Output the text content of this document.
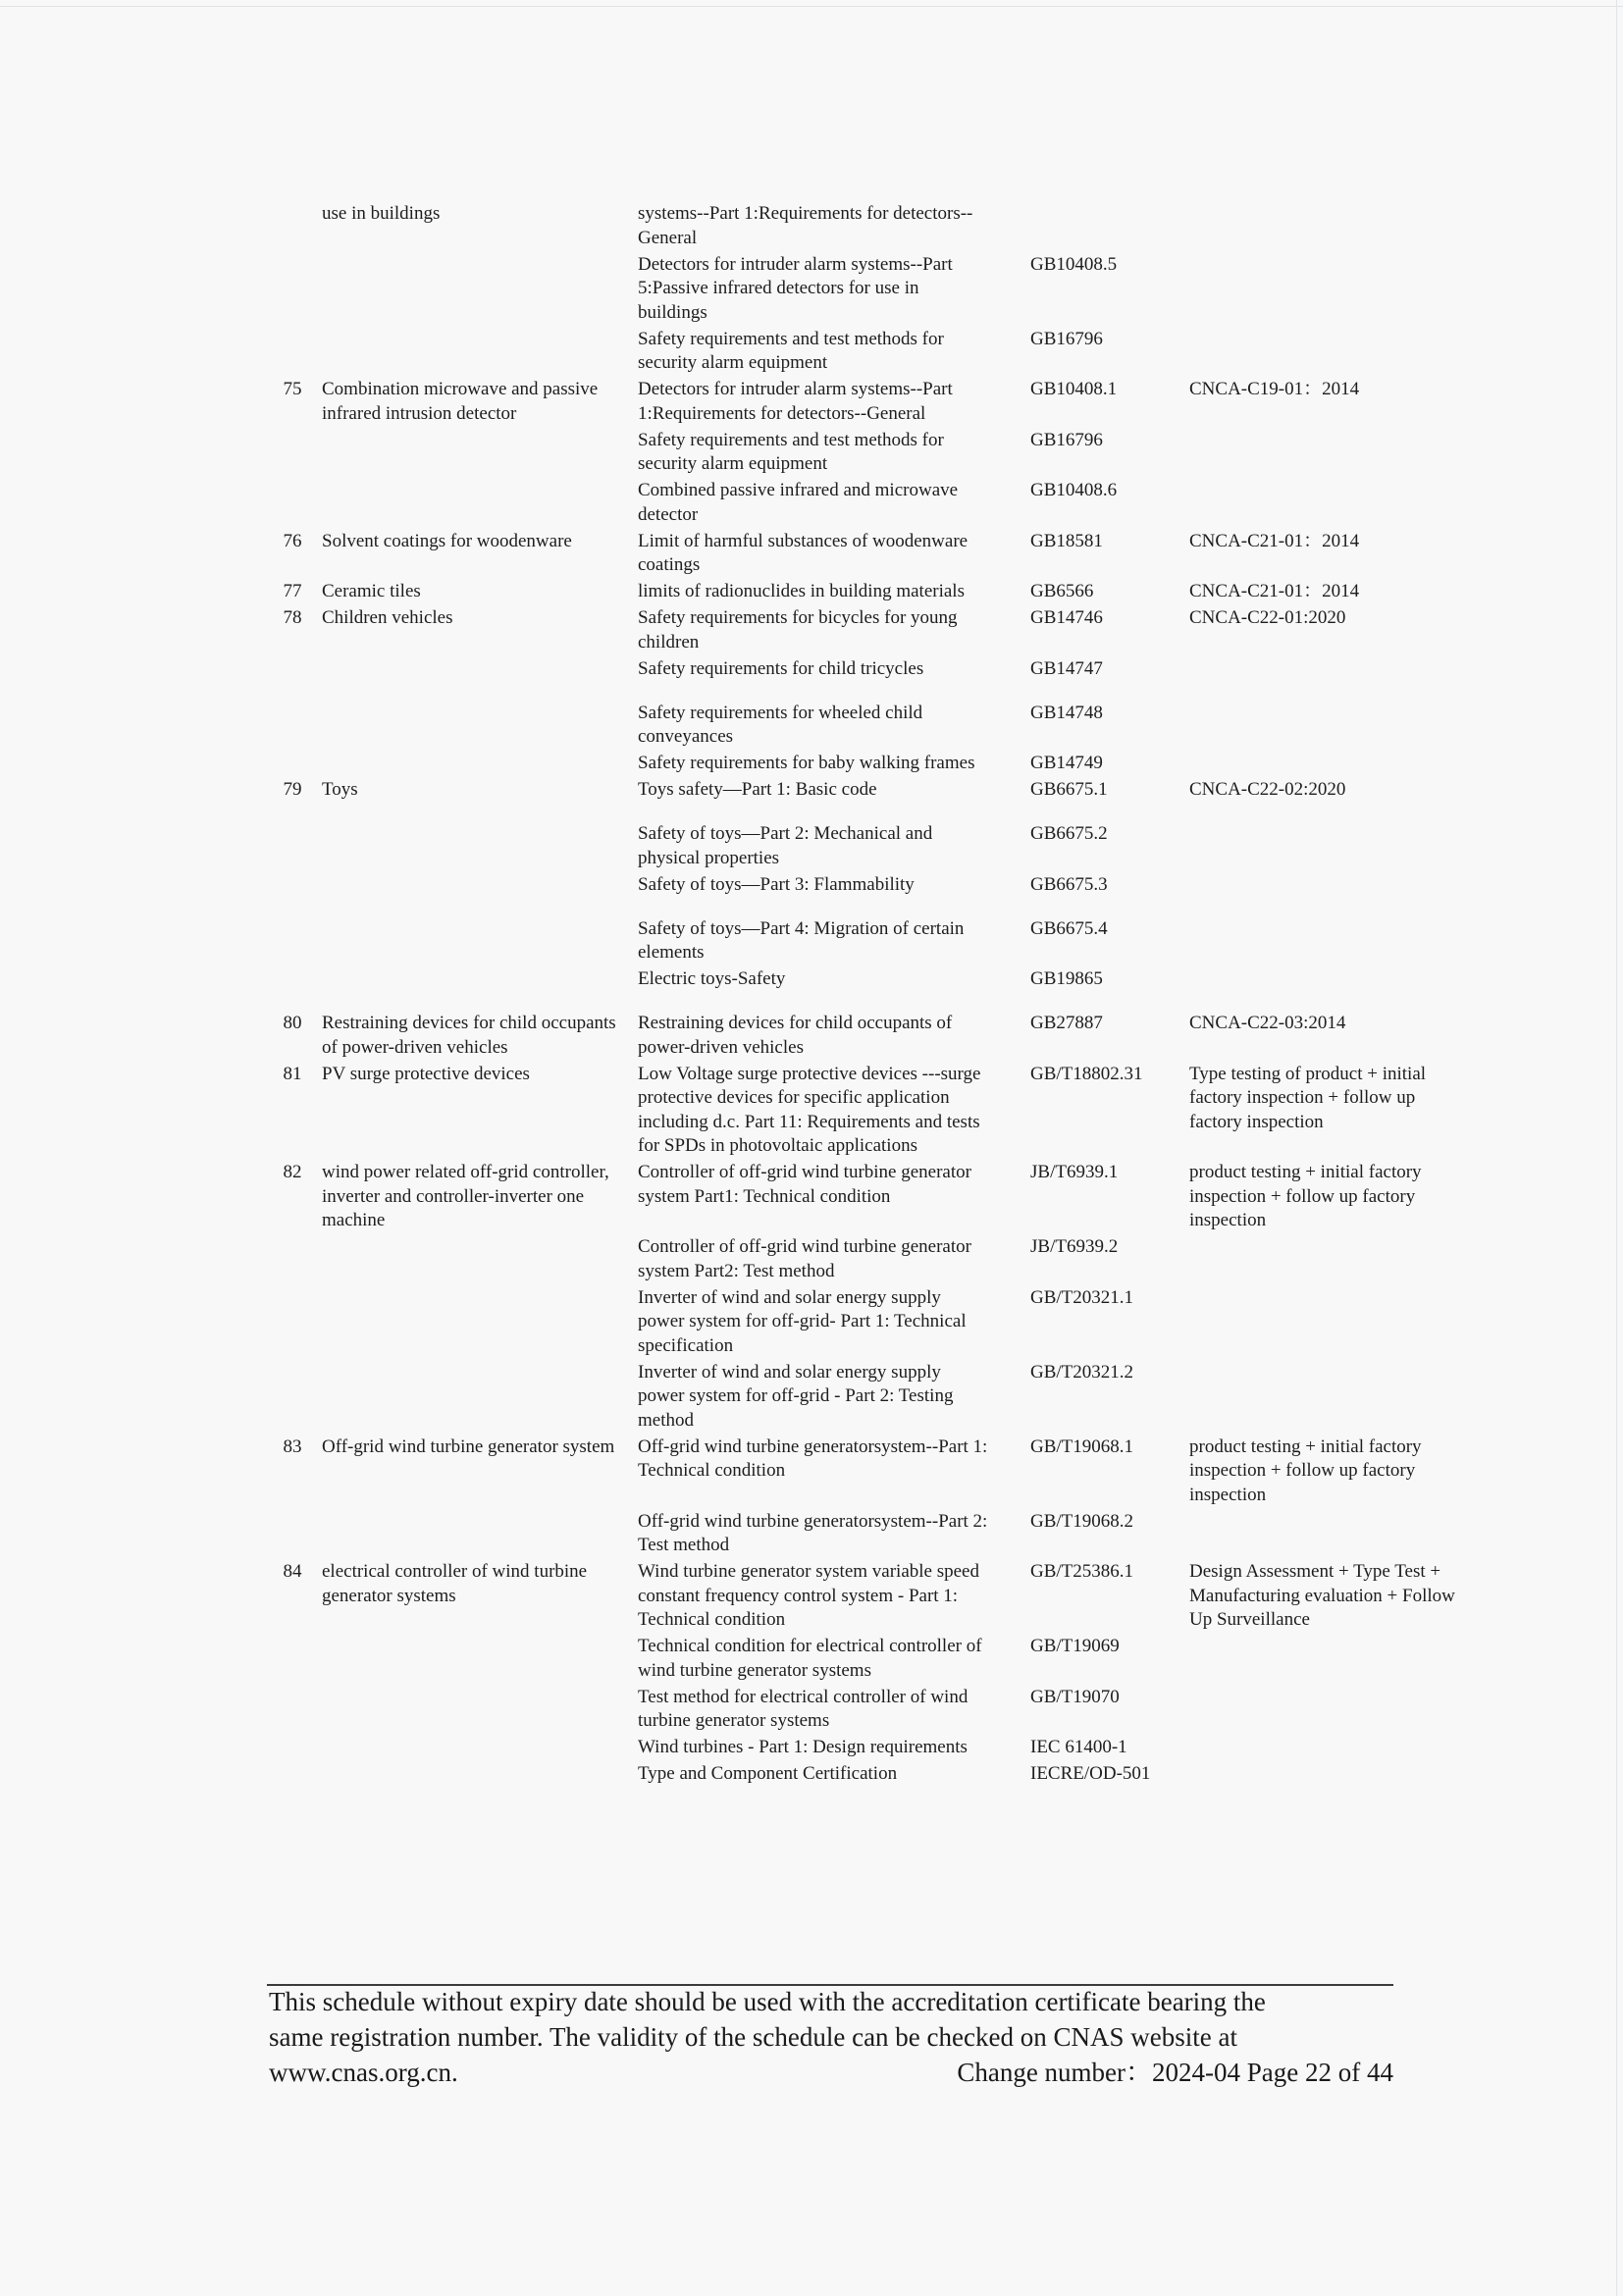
	use in buildings	systems--Part 1:Requirements for detectors--General		

		Detectors for intruder alarm systems--Part 5:Passive infrared detectors for use in buildings	GB10408.5	

		Safety requirements and test methods for security alarm equipment	GB16796	

75	Combination microwave and passive infrared intrusion detector	Detectors for intruder alarm systems--Part 1:Requirements for detectors--General	GB10408.1	CNCA-C19-01：2014

		Safety requirements and test methods for security alarm equipment	GB16796	

		Combined passive infrared and microwave detector	GB10408.6	

76	Solvent coatings for woodenware	Limit of harmful substances of woodenware coatings	GB18581	CNCA-C21-01：2014

77	Ceramic tiles	limits of radionuclides in building materials	GB6566	CNCA-C21-01：2014

78	Children vehicles	Safety requirements for bicycles for young children	GB14746	CNCA-C22-01:2020

		Safety requirements for child tricycles	GB14747	

		Safety requirements for wheeled child conveyances	GB14748	

		Safety requirements for baby walking frames	GB14749	

79	Toys	Toys safety—Part 1: Basic code	GB6675.1	CNCA-C22-02:2020

		Safety of toys—Part 2: Mechanical and physical properties	GB6675.2	

		Safety of toys—Part 3: Flammability	GB6675.3	

		Safety of toys—Part 4: Migration of certain elements	GB6675.4	

		Electric toys-Safety	GB19865	

80	Restraining devices for child occupants of power-driven vehicles	Restraining devices for child occupants of power-driven vehicles	GB27887	CNCA-C22-03:2014

81	PV surge protective devices	Low Voltage surge protective devices ---surge protective devices for specific application including d.c. Part 11: Requirements and tests for SPDs in photovoltaic applications	GB/T18802.31	Type testing of product + initial factory inspection + follow up factory inspection

82	wind power related off-grid controller, inverter and controller-inverter one machine	Controller of off-grid wind turbine generator system Part1: Technical condition	JB/T6939.1	product testing + initial factory inspection + follow up factory inspection

		Controller of off-grid wind turbine generator system Part2: Test method	JB/T6939.2	

		Inverter of wind and solar energy supply power system for off-grid- Part 1: Technical specification	GB/T20321.1	

		Inverter of wind and solar energy supply power system for off-grid - Part 2: Testing method	GB/T20321.2	

83	Off-grid wind turbine generator system	Off-grid wind turbine generatorsystem--Part 1: Technical condition	GB/T19068.1	product testing + initial factory inspection + follow up factory inspection

		Off-grid wind turbine generatorsystem--Part 2: Test method	GB/T19068.2	

84	electrical controller of wind turbine generator systems	Wind turbine generator system variable speed constant frequency control system - Part 1: Technical condition	GB/T25386.1	Design Assessment + Type Test + Manufacturing evaluation + Follow Up Surveillance

		Technical condition for electrical controller of wind turbine generator systems	GB/T19069	

		Test method for electrical controller of wind turbine generator systems	GB/T19070	

		Wind turbines - Part 1: Design requirements	IEC 61400-1	

		Type and Component Certification	IECRE/OD-501	

This schedule without expiry date should be used with the accreditation certificate bearing the
same registration number. The validity of the schedule can be checked on CNAS website at
www.cnas.org.cn.	Change number：2024-04 Page 22 of 44
